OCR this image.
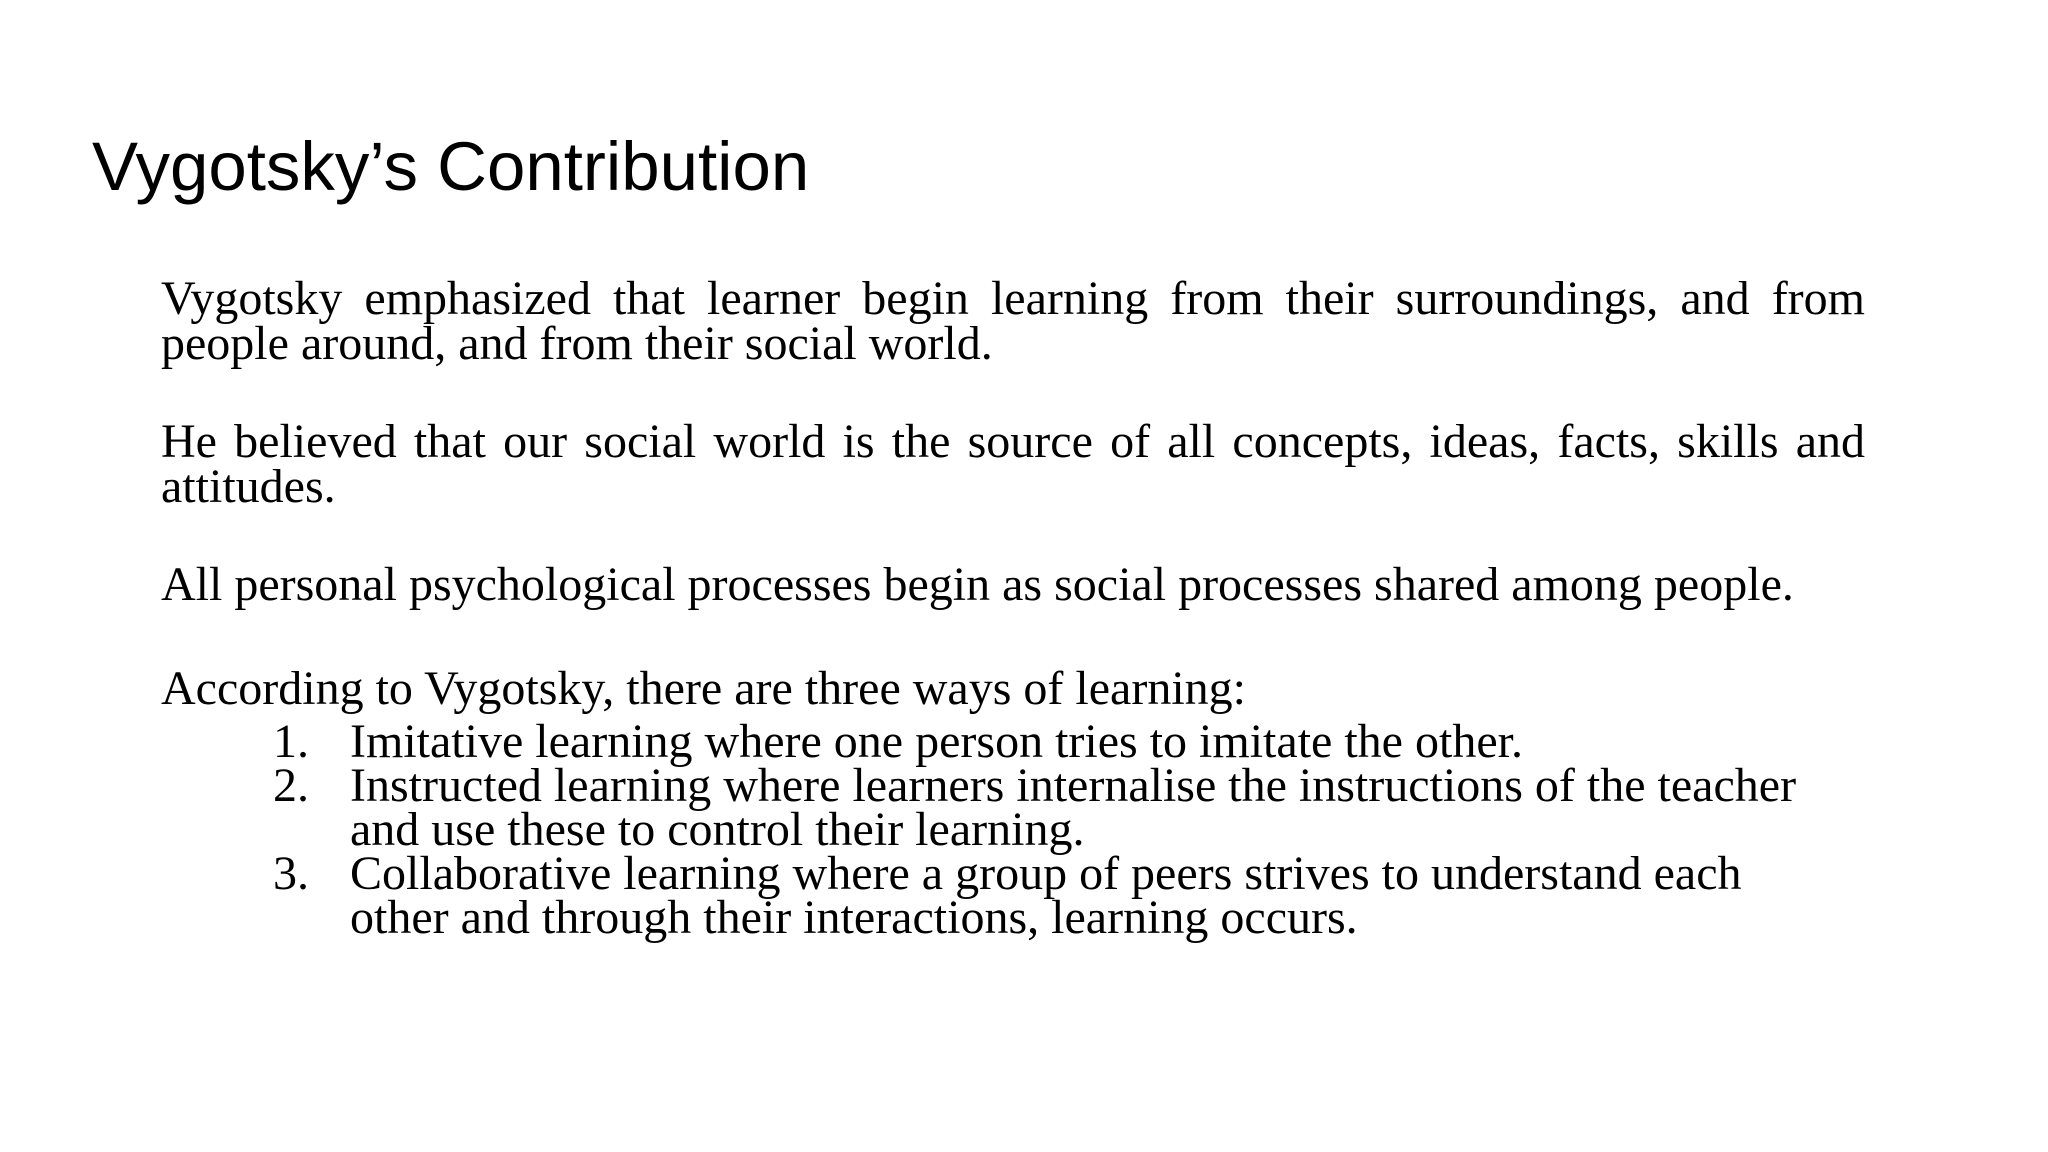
Vygotsky’s Contribution

Vygotsky emphasized that learner begin learning from their surroundings, and from people around, and from their social world.

He believed that our social world is the source of all concepts, ideas, facts, skills and attitudes.

All personal psychological processes begin as social processes shared among people.

According to Vygotsky, there are three ways of learning:

1. Imitative learning where one person tries to imitate the other.
2. Instructed learning where learners internalise the instructions of the teacher and use these to control their learning.
3. Collaborative learning where a group of peers strives to understand each other and through their interactions, learning occurs.
